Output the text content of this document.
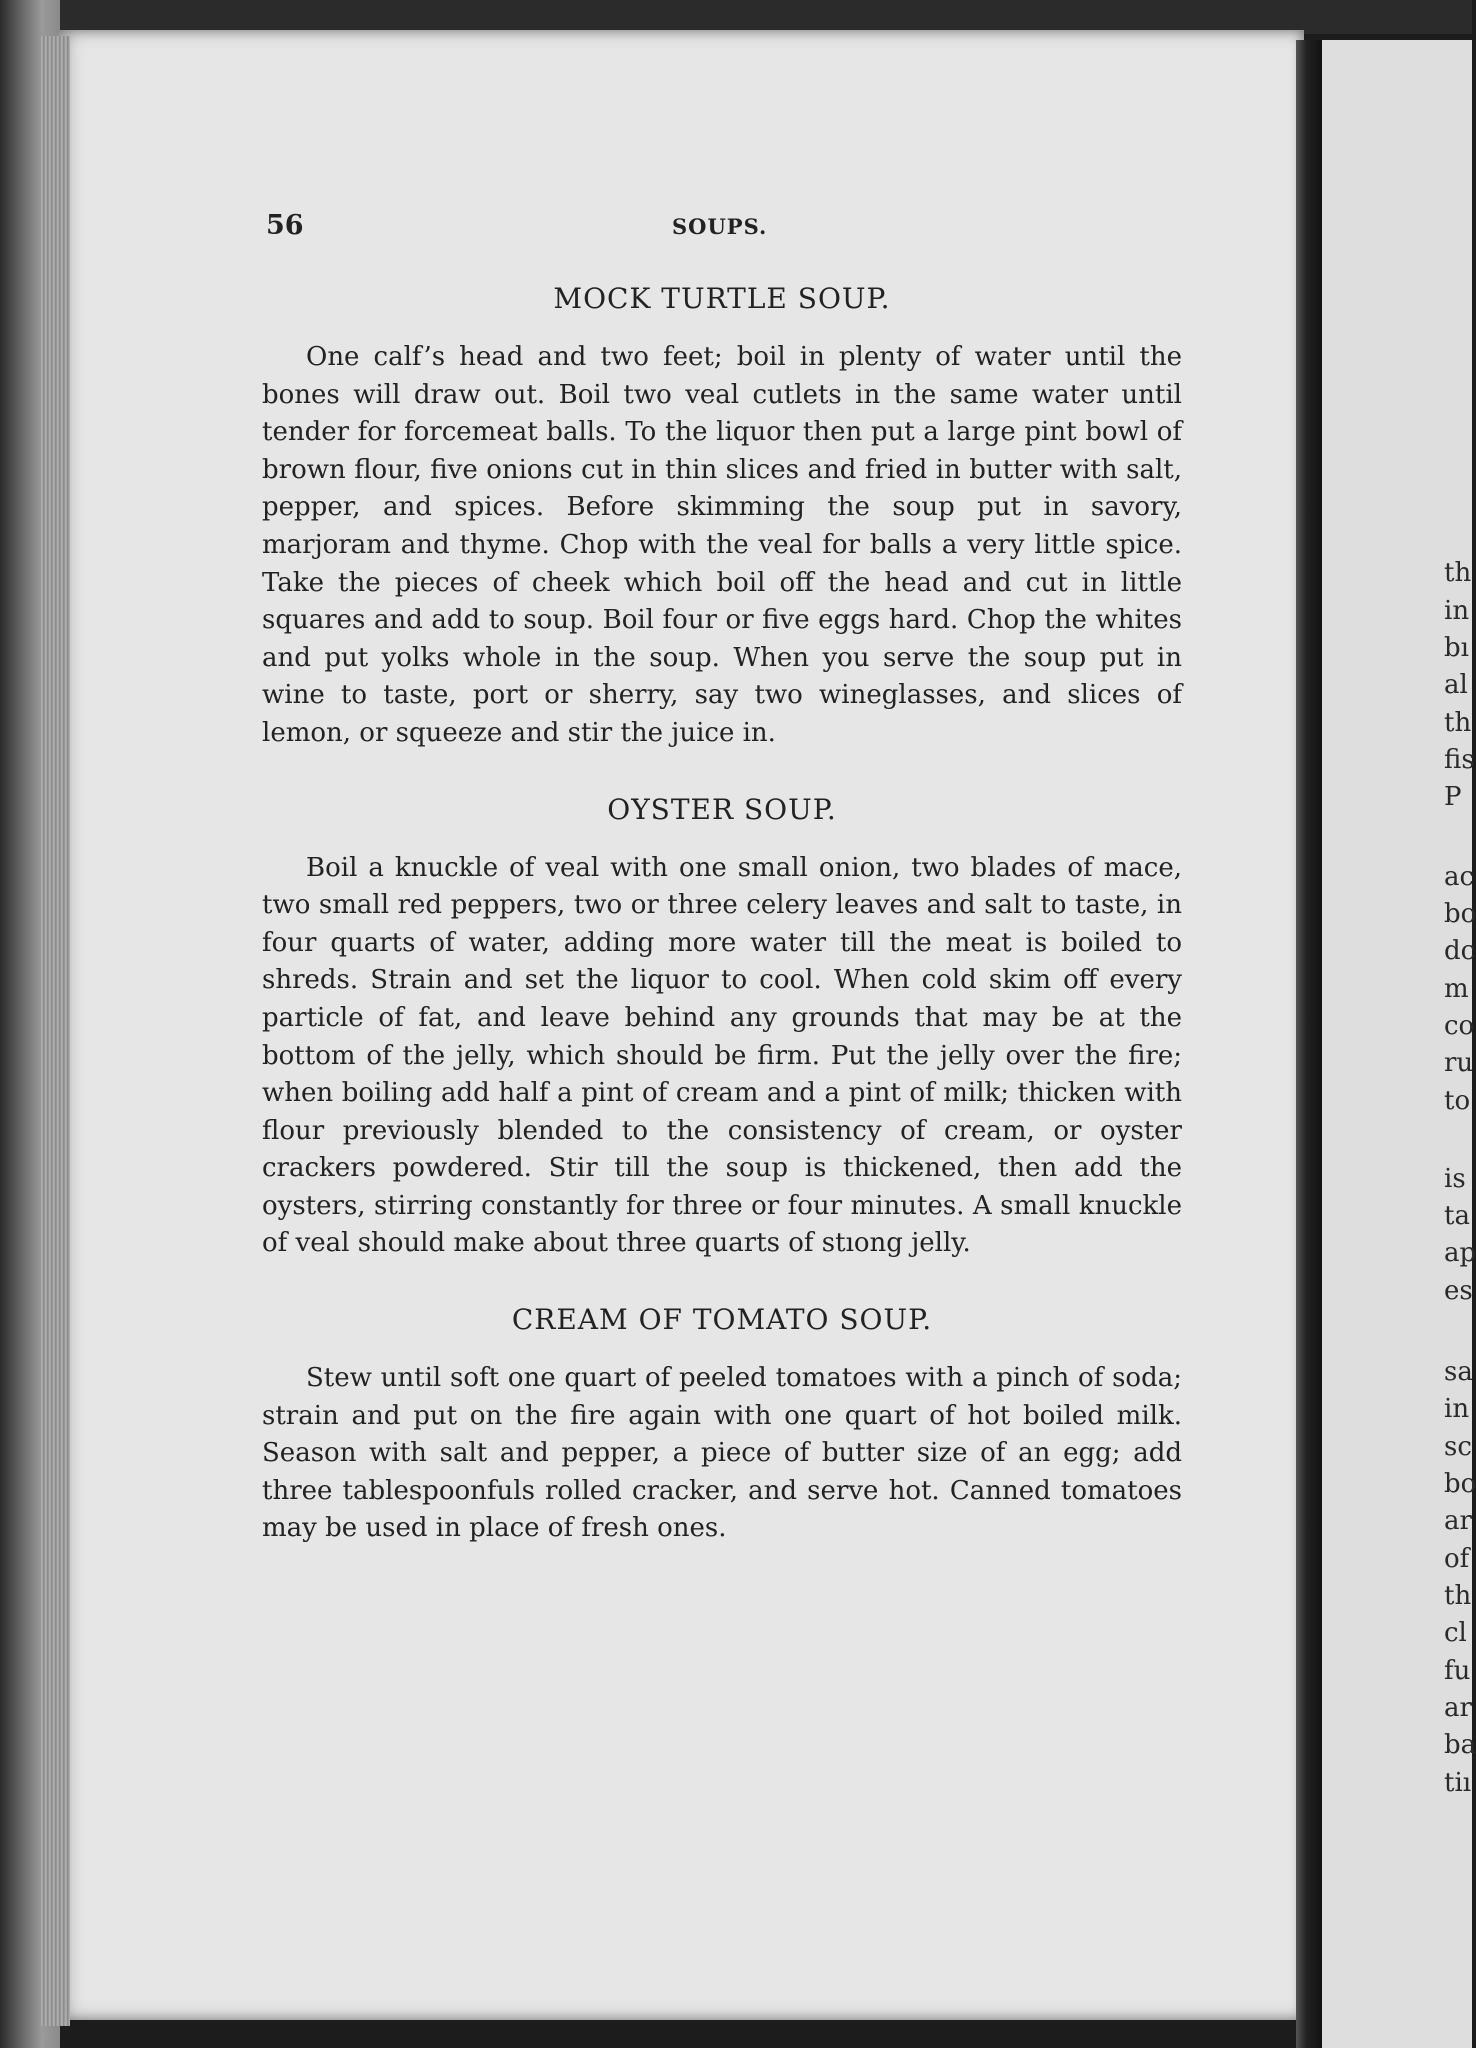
th
in
bı
al
th
fis
P
ac
bo
dc
m
co
ru
to
is
ta
ap
es
sa
in
sc
bo
ar
of
th
cl
fu
ar
ba
tiı
56	SOUPS.
MOCK TURTLE SOUP.

One calf’s head and two feet; boil in plenty of water until the bones will draw out. Boil two veal cutlets in the same water until tender for forcemeat balls. To the liquor then put a large pint bowl of brown flour, five onions cut in thin slices and fried in butter with salt, pepper, and spices. Before skimming the soup put in savory, marjoram and thyme. Chop with the veal for balls a very little spice. Take the pieces of cheek which boil off the head and cut in little squares and add to soup. Boil four or five eggs hard. Chop the whites and put yolks whole in the soup. When you serve the soup put in wine to taste, port or sherry, say two wineglasses, and slices of lemon, or squeeze and stir the juice in.

OYSTER SOUP.

Boil a knuckle of veal with one small onion, two blades of mace, two small red peppers, two or three celery leaves and salt to taste, in four quarts of water, adding more water till the meat is boiled to shreds. Strain and set the liquor to cool. When cold skim off every particle of fat, and leave behind any grounds that may be at the bottom of the jelly, which should be firm. Put the jelly over the fire; when boiling add half a pint of cream and a pint of milk; thicken with flour previously blended to the consistency of cream, or oyster crackers powdered. Stir till the soup is thickened, then add the oysters, stirring constantly for three or four minutes. A small knuckle of veal should make about three quarts of stıong jelly.

CREAM OF TOMATO SOUP.

Stew until soft one quart of peeled tomatoes with a pinch of soda; strain and put on the fire again with one quart of hot boiled milk. Season with salt and pepper, a piece of butter size of an egg; add three tablespoonfuls rolled cracker, and serve hot. Canned tomatoes may be used in place of fresh ones.
